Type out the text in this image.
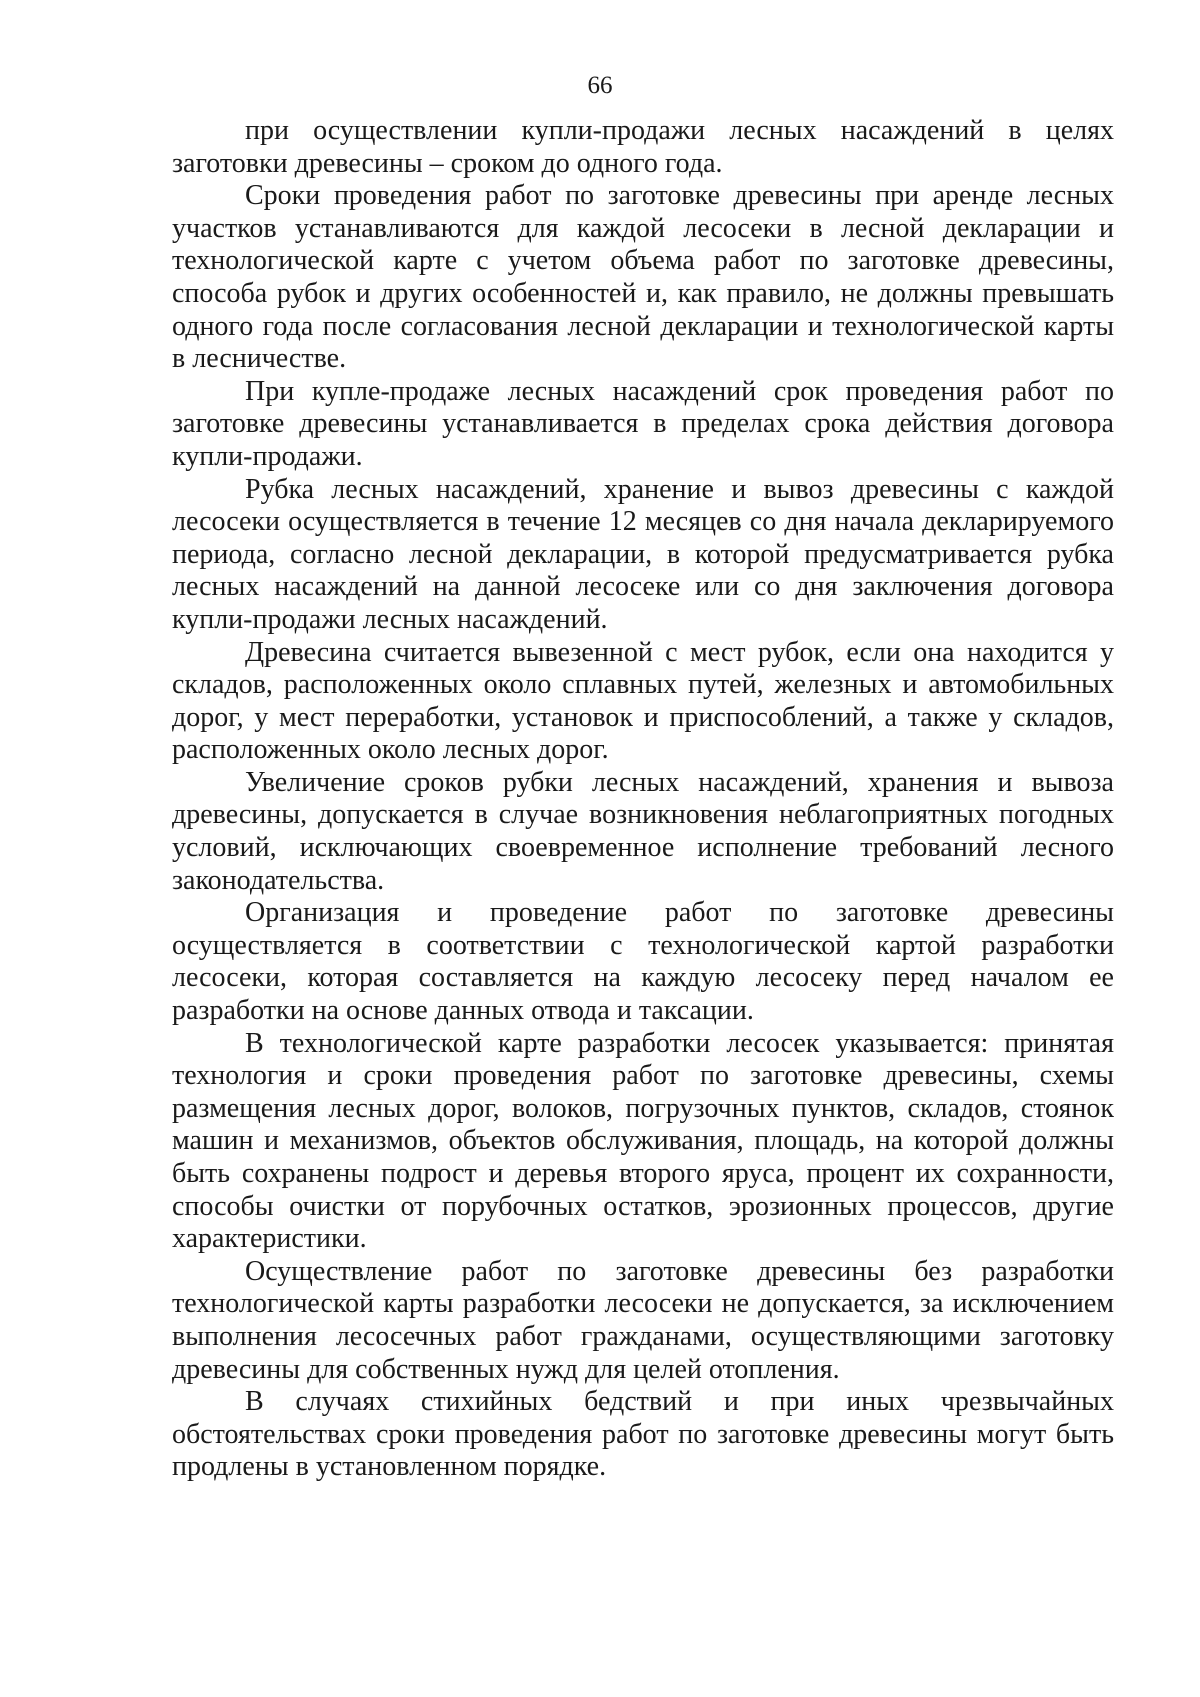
66

при осуществлении купли-продажи лесных насаждений в целях заготовки древесины – сроком до одного года.

Сроки проведения работ по заготовке древесины при аренде лесных участков устанавливаются для каждой лесосеки в лесной декларации и технологической карте с учетом объема работ по заготовке древесины, способа рубок и других особенностей и, как правило, не должны превышать одного года после согласования лесной декларации и технологической карты в лесничестве.

При купле-продаже лесных насаждений срок проведения работ по заготовке древесины устанавливается в пределах срока действия договора купли-продажи.

Рубка лесных насаждений, хранение и вывоз древесины с каждой лесосеки осуществляется в течение 12 месяцев со дня начала декларируемого периода, согласно лесной декларации, в которой предусматривается рубка лесных насаждений на данной лесосеке или со дня заключения договора купли-продажи лесных насаждений.

Древесина считается вывезенной с мест рубок, если она находится у складов, расположенных около сплавных путей, железных и автомобильных дорог, у мест переработки, установок и приспособлений, а также у складов, расположенных около лесных дорог.

Увеличение сроков рубки лесных насаждений, хранения и вывоза древесины, допускается в случае возникновения неблагоприятных погодных условий, исключающих своевременное исполнение требований лесного законодательства.

Организация и проведение работ по заготовке древесины осуществляется в соответствии с технологической картой разработки лесосеки, которая составляется на каждую лесосеку перед началом ее разработки на основе данных отвода и таксации.

В технологической карте разработки лесосек указывается: принятая технология и сроки проведения работ по заготовке древесины, схемы размещения лесных дорог, волоков, погрузочных пунктов, складов, стоянок машин и механизмов, объектов обслуживания, площадь, на которой должны быть сохранены подрост и деревья второго яруса, процент их сохранности, способы очистки от порубочных остатков, эрозионных процессов, другие характеристики.

Осуществление работ по заготовке древесины без разработки технологической карты разработки лесосеки не допускается, за исключением выполнения лесосечных работ гражданами, осуществляющими заготовку древесины для собственных нужд для целей отопления.

В случаях стихийных бедствий и при иных чрезвычайных обстоятельствах сроки проведения работ по заготовке древесины могут быть продлены в установленном порядке.
